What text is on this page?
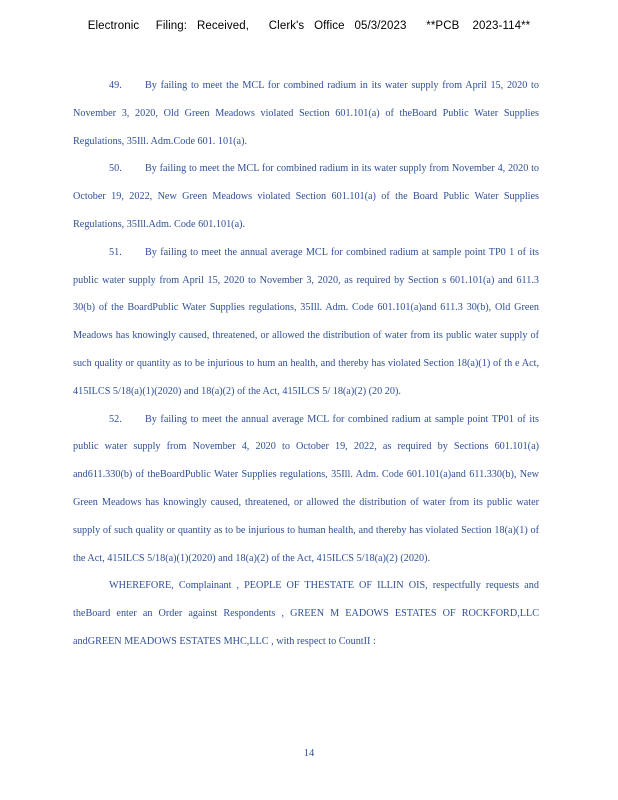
Electronic     Filing:   Received,      Clerk's   Office   05/3/2023      **PCB    2023-114**

49. By failing to meet the MCL for combined radium in its water supply from April 15, 2020 to November 3, 2020, Old Green Meadows violated Section 601.101(a) of theBoard Public Water Supplies Regulations, 35Ill. Adm.Code 601. 101(a).

50. By failing to meet the MCL for combined radium in its water supply from November 4, 2020 to October 19, 2022, New Green Meadows violated Section 601.101(a) of the Board Public Water Supplies Regulations, 35Ill.Adm. Code 601.101(a).

51. By failing to meet the annual average MCL for combined radium at sample point TP0 1 of its public water supply from April 15, 2020 to November 3, 2020, as required by Section s 601.101(a) and 611.3 30(b) of the BoardPublic Water Supplies regulations, 35Ill. Adm. Code 601.101(a)and 611.3 30(b), Old Green Meadows has knowingly caused, threatened, or allowed the distribution of water from its public water supply of such quality or quantity as to be injurious to hum an health, and thereby has violated Section 18(a)(1) of th e Act, 415ILCS 5/18(a)(1)(2020) and 18(a)(2) of the Act, 415ILCS 5/ 18(a)(2) (20 20).

52. By failing to meet the annual average MCL for combined radium at sample point TP01 of its public water supply from November 4, 2020 to October 19, 2022, as required by Sections 601.101(a) and611.330(b) of theBoardPublic Water Supplies regulations, 35Ill. Adm. Code 601.101(a)and 611.330(b), New Green Meadows has knowingly caused, threatened, or allowed the distribution of water from its public water supply of such quality or quantity as to be injurious to human health, and thereby has violated Section 18(a)(1) of the Act, 415ILCS 5/18(a)(1)(2020) and 18(a)(2) of the Act, 415ILCS 5/18(a)(2) (2020).

WHEREFORE, Complainant , PEOPLE OF THESTATE OF ILLIN OIS, respectfully requests and theBoard enter an Order against Respondents , GREEN M EADOWS ESTATES OF ROCKFORD,LLC andGREEN MEADOWS ESTATES MHC,LLC , with respect to CountII :

14
